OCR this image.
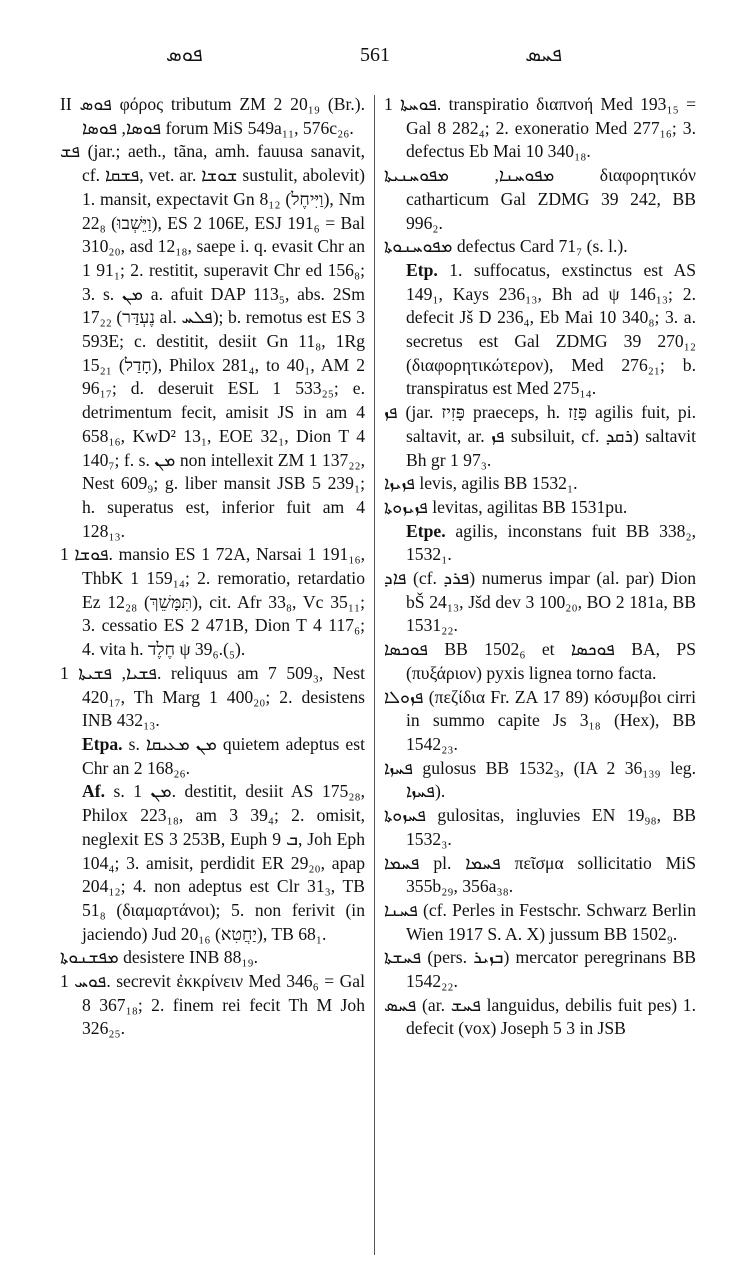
ܦܘܣ	561	ܦܚܣ

II ܦܘܣ φόρος tributum ZM 2 20₁₉ (Br.). ܦܘܣܐ, ܦܘܣܐ forum MiS 549a₁₁, 576c₂₆.

ܦܫ (jar.; aeth., tãna, amh. fauusa sanavit, cf. ܦܫܩܐ, vet. ar. ܫܘܫܐ sustulit, abolevit) 1. mansit, expectavit Gn 8₁₂ (וַיִּיחֶל), Nm 22₈ (וַיֵּשְׁבוּ), ES 2 106E, ESJ 191₆ = Bal 310₂₀, asd 12₁₈, saepe i. q. evasit Chr an 1 91₁; 2. restitit, superavit Chr ed 156₈; 3. s. ܡܢ a. afuit DAP 113₅, abs. 2Sm 17₂₂ (נֶעְדַּר al. ܦܠܚ); b. remotus est ES 3 593E; c. destitit, desiit Gn 11₈, 1Rg 15₂₁ (חָדַל), Philox 281₄, to 40₁, AM 2 96₁₇; d. deseruit ESL 1 533₂₅; e. detrimentum fecit, amisit JS in am 4 658₁₆, KwD² 13₁, EOE 32₁, Dion T 4 140₇; f. s. ܡܢ non intellexit ZM 1 137₂₂, Nest 609₉; g. liber mansit JSB 5 239₁; h. superatus est, inferior fuit am 4 128₁₃.

ܦܘܫܐ 1. mansio ES 1 72A, Narsai 1 191₁₆, ThbK 1 159₁₄; 2. remoratio, retardatio Ez 12₂₈ (תִּמָּשֵׁךְ), cit. Afr 33₈, Vc 35₁₁; 3. cessatio ES 2 471B, Dion T 4 117₆; 4. vita h. חֶלֶד ψ 39₆.(₅).

ܦܫܝܐ, ܦܫܝܬܐ 1. reliquus am 7 509₃, Nest 420₁₇, Th Marg 1 400₂₀; 2. desistens INB 432₁₃.

Etpa. s. ܡܢ ܡܥܝܩܐ quietem adeptus est Chr an 2 168₂₆.

Af. s. ܡܢ 1. destitit, desiit AS 175₂₈, Philox 223₁₈, am 3 39₄; 2. omisit, neglexit ES 3 253B, Euph ܒ 9, Joh Eph 104₄; 3. amisit, perdidit ER 29₂₀, apap 204₁₂; 4. non adeptus est Clr 31₃, TB 51₈ (διαμαρτάνοι); 5. non ferivit (in jaciendo) Jud 20₁₆ (יַחֲטִא), TB 68₁.

ܡܦܫܢܘܬܐ desistere INB 88₁₉.

ܦܘܚ 1. secrevit ἐκκρίνειν Med 346₆ = Gal 8 367₁₈; 2. finem rei fecit Th M Joh 326₂₅.

ܦܘܚܬܐ 1. transpiratio διαπνοή Med 193₁₅ = Gal 8 282₄; 2. exoneratio Med 277₁₆; 3. defectus Eb Mai 10 340₁₈.

ܡܦܘܚܢܐ, ܡܦܘܚܢܝܬܐ διαφορητικόν catharticum Gal ZDMG 39 242, BB 996₂.

ܡܦܘܚܢܘܬܐ defectus Card 71₇ (s. l.).

Etp. 1. suffocatus, exstinctus est AS 149₁, Kays 236₁₃, Bh ad ψ 146₁₃; 2. defecit Jš D 236₄, Eb Mai 10 340₈; 3. a. secretus est Gal ZDMG 39 270₁₂ (διαφορητικώτερον), Med 276₂₁; b. transpiratus est Med 275₁₄.

ܦܙ (jar. פָּזִיז praeceps, h. פָּזַז agilis fuit, pi. saltavit, ar. ܦܙ subsiluit, cf. ܪܩܕ) saltavit Bh gr 1 97₃.

ܦܙܝܙܐ levis, agilis BB 1532₁.

ܦܙܝܙܘܬܐ levitas, agilitas BB 1531pu.

Etpe. agilis, inconstans fuit BB 338₂, 1532₁.

ܦܐܕ (cf. ܦܪܕ) numerus impar (al. par) Dion bŠ 24₁₃, Jšd dev 3 100₂₀, BO 2 181a, BB 1531₂₂.

ܦܘܟܣܐ BB 1502₆ et ܦܘܟܣܐ BA, PS (πυξάριον) pyxis lignea torno facta.

ܦܙܘܠܐ (πεζίδια Fr. ZA 17 89) κόσυμβοι cirri in summo capite Js 3₁₈ (Hex), BB 1542₂₃.

ܦܚܙܐ gulosus BB 1532₃, (IA 2 36₁₃₉ leg. ܦܚܙܐ).

ܦܚܙܘܬܐ gulositas, ingluvies EN 19₉₈, BB 1532₃.

ܦܚܡܐ pl. ܦܚܡܐ πεῖσμα sollicitatio MiS 355b₂₉, 356a₃₈.

ܦܚܢܐ (cf. Perles in Festschr. Schwarz Berlin Wien 1917 S. A. X) jussum BB 1502₉.

ܦܚܫܬܐ (pers. ܒܙܝܪ) mercator peregrinans BB 1542₂₂.

ܦܚܣ (ar. ܦܚܫ languidus, debilis fuit pes) 1. defecit (vox) Joseph 5 3 in JSB
